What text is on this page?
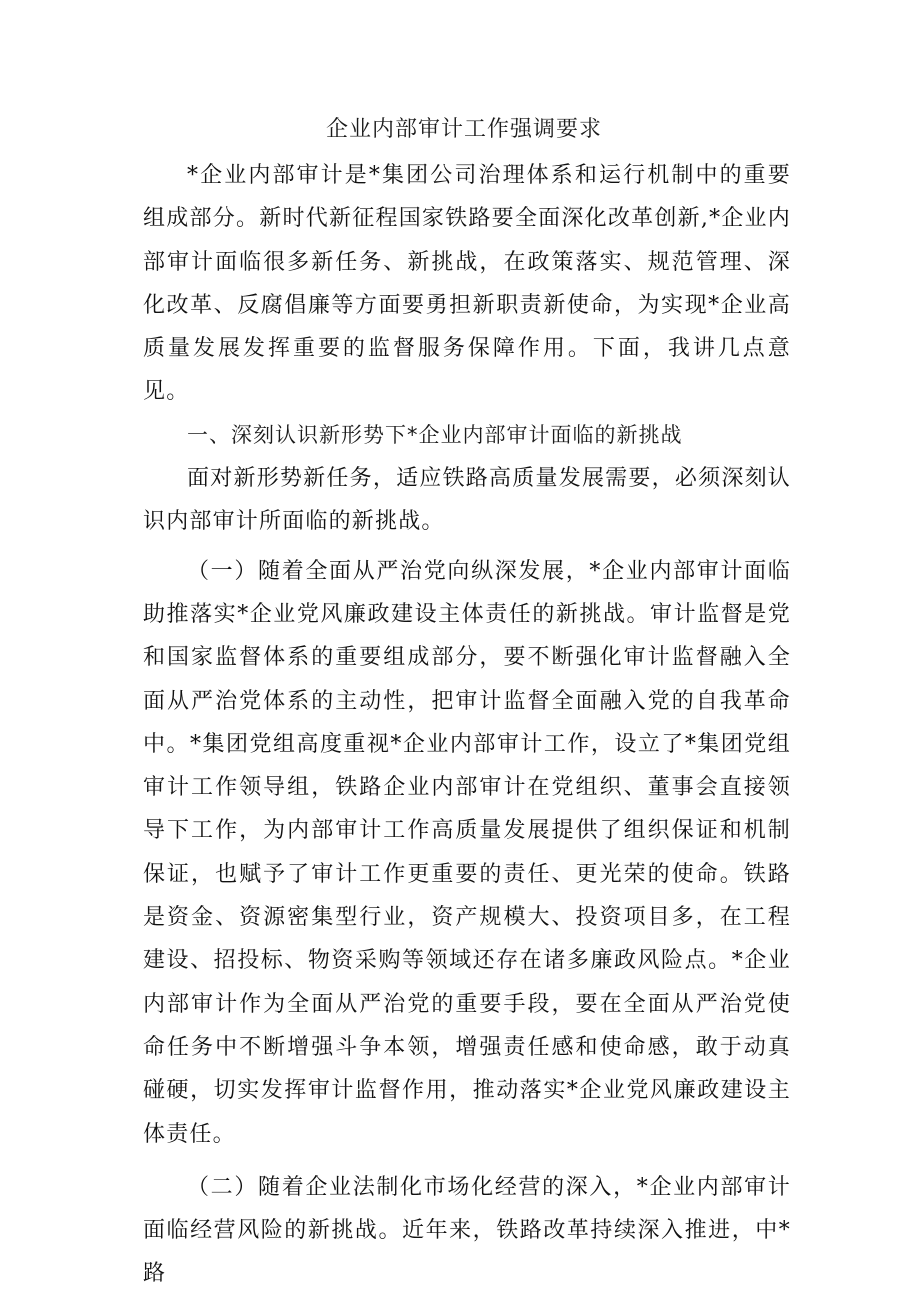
企业内部审计工作强调要求

*企业内部审计是*集团公司治理体系和运行机制中的重要组成部分。新时代新征程国家铁路要全面深化改革创新,*企业内部审计面临很多新任务、新挑战，在政策落实、规范管理、深化改革、反腐倡廉等方面要勇担新职责新使命，为实现*企业高质量发展发挥重要的监督服务保障作用。下面，我讲几点意见。

一、深刻认识新形势下*企业内部审计面临的新挑战

面对新形势新任务，适应铁路高质量发展需要，必须深刻认识内部审计所面临的新挑战。

（一）随着全面从严治党向纵深发展，*企业内部审计面临助推落实*企业党风廉政建设主体责任的新挑战。审计监督是党和国家监督体系的重要组成部分，要不断强化审计监督融入全面从严治党体系的主动性，把审计监督全面融入党的自我革命中。*集团党组高度重视*企业内部审计工作，设立了*集团党组审计工作领导组，铁路企业内部审计在党组织、董事会直接领导下工作，为内部审计工作高质量发展提供了组织保证和机制保证，也赋予了审计工作更重要的责任、更光荣的使命。铁路是资金、资源密集型行业，资产规模大、投资项目多，在工程建设、招投标、物资采购等领域还存在诸多廉政风险点。*企业内部审计作为全面从严治党的重要手段，要在全面从严治党使命任务中不断增强斗争本领，增强责任感和使命感，敢于动真碰硬，切实发挥审计监督作用，推动落实*企业党风廉政建设主体责任。

（二）随着企业法制化市场化经营的深入，*企业内部审计面临经营风险的新挑战。近年来，铁路改革持续深入推进，中*路
